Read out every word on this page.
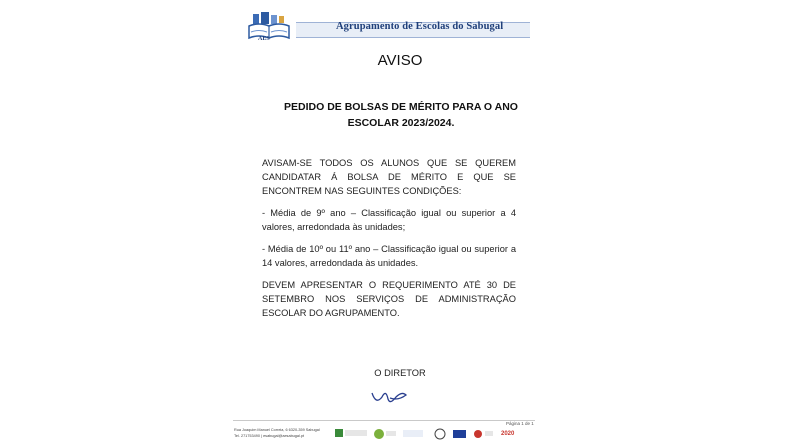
AES
Agrupamento de Escolas do Sabugal
AVISO
PEDIDO DE BOLSAS DE MÉRITO PARA O ANO
ESCOLAR 2023/2024.

AVISAM-SE TODOS OS ALUNOS QUE SE QUEREM CANDIDATAR Á BOLSA DE MÉRITO E QUE SE ENCONTREM NAS SEGUINTES CONDIÇÕES:

- Média de 9º ano – Classificação igual ou superior a 4 valores, arredondada às unidades;

- Média de 10º ou 11º ano – Classificação igual ou superior a 14 valores, arredondada às unidades.

DEVEM APRESENTAR O REQUERIMENTO ATÉ 30 DE SETEMBRO NOS SERVIÇOS DE ADMINISTRAÇÃO ESCOLAR DO AGRUPAMENTO.

O DIRETOR
Página 1 de 1
Rua Joaquim Manuel Correia, 6 6320-359 Sabugal
Tel. 271753490 | esabugal@aesabugal.pt	2020
